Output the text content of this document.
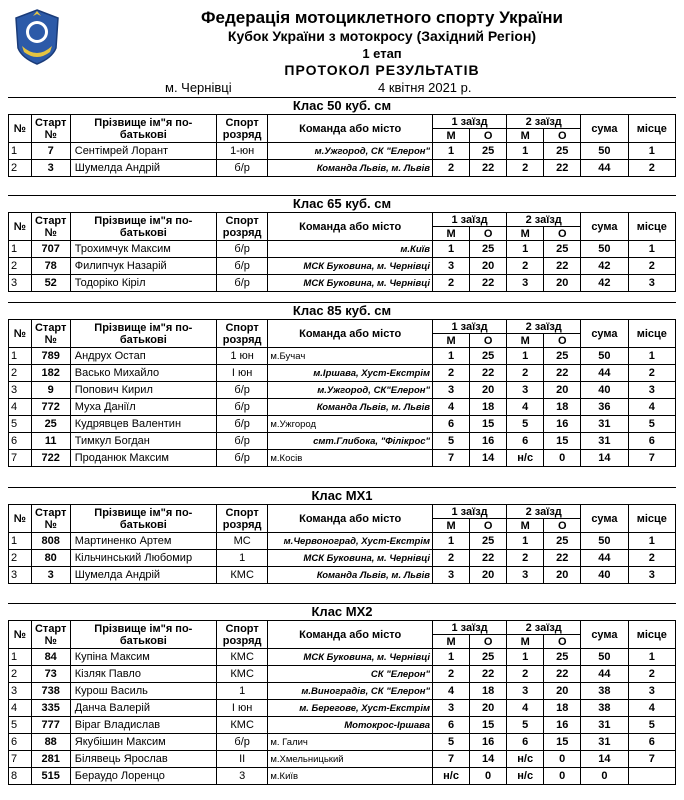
Федерація мотоциклетного спорту України
Кубок України з мотокросу (Західний Регіон)
1 етап
ПРОТОКОЛ РЕЗУЛЬТАТІВ
м. Чернівці	4 квітня 2021 р.
Клас 50 куб. см
№	Старт №	Прізвище ім"я по-батькові	Спорт розряд	Команда або місто	1 заїзд		2 заїзд		сума	місце
					М	О	М	О		
1	7	Сентімрей Лорант	1-юн	м.Ужгород, СК "Елерон"	1	25	1	25	50	1
2	3	Шумелда Андрій	б/р	Команда Львів, м. Львів	2	22	2	22	44	2
Клас 65 куб. см
№	Старт №	Прізвище ім"я по-батькові	Спорт розряд	Команда або місто	1 заїзд		2 заїзд		сума	місце
					М	О	М	О		
1	707	Трохимчук Максим	б/р	м.Київ	1	25	1	25	50	1
2	78	Филипчук Назарій	б/р	МСК Буковина, м. Чернівці	3	20	2	22	42	2
3	52	Тодоріко Кіріл	б/р	МСК Буковина, м. Чернівці	2	22	3	20	42	3
Клас 85 куб. см
№	Старт №	Прізвище ім"я по-батькові	Спорт розряд	Команда або місто	1 заїзд		2 заїзд		сума	місце
					М	О	М	О		
1	789	Андрух Остап	1 юн	м.Бучач	1	25	1	25	50	1
2	182	Васько Михайло	І юн	м.Іршава, Хуст-Екстрім	2	22	2	22	44	2
3	9	Попович Кирил	б/р	м.Ужгород, СК"Елерон"	3	20	3	20	40	3
4	772	Муха Даніїл	б/р	Команда Львів, м. Львів	4	18	4	18	36	4
5	25	Кудрявцев Валентин	б/р	м.Ужгород	6	15	5	16	31	5
6	11	Тимкул Богдан	б/р	смт.Глибока, "Філікрос"	5	16	6	15	31	6
7	722	Проданюк Максим	б/р	м.Косів	7	14	н/с	0	14	7
Клас МХ1
№	Старт №	Прізвище ім"я по-батькові	Спорт розряд	Команда або місто	1 заїзд		2 заїзд		сума	місце
					М	О	М	О		
1	808	Мартиненко Артем	МС	м.Червоноград, Хуст-Екстрім	1	25	1	25	50	1
2	80	Кільчинський Любомир	1	МСК Буковина, м. Чернівці	2	22	2	22	44	2
3	3	Шумелда Андрій	КМС	Команда Львів, м. Львів	3	20	3	20	40	3
Клас МХ2
№	Старт №	Прізвище ім"я по-батькові	Спорт розряд	Команда або місто	1 заїзд		2 заїзд		сума	місце
					М	О	М	О		
1	84	Купіна Максим	КМС	МСК Буковина, м. Чернівці	1	25	1	25	50	1
2	73	Кізляк Павло	КМС	СК "Елерон"	2	22	2	22	44	2
3	738	Курош Василь	1	м.Виноградів, СК "Елерон"	4	18	3	20	38	3
4	335	Данча Валерій	І юн	м. Берегове, Хуст-Екстрім	3	20	4	18	38	4
5	777	Віраг Владислав	КМС	Мотокрос-Іршава	6	15	5	16	31	5
6	88	Якубішин Максим	б/р	м. Галич	5	16	6	15	31	6
7	281	Білявець Ярослав	ІІ	м.Хмельницький	7	14	н/с	0	14	7
8	515	Бераудо Лоренцо	3	м.Київ	н/с	0	н/с	0	0	
